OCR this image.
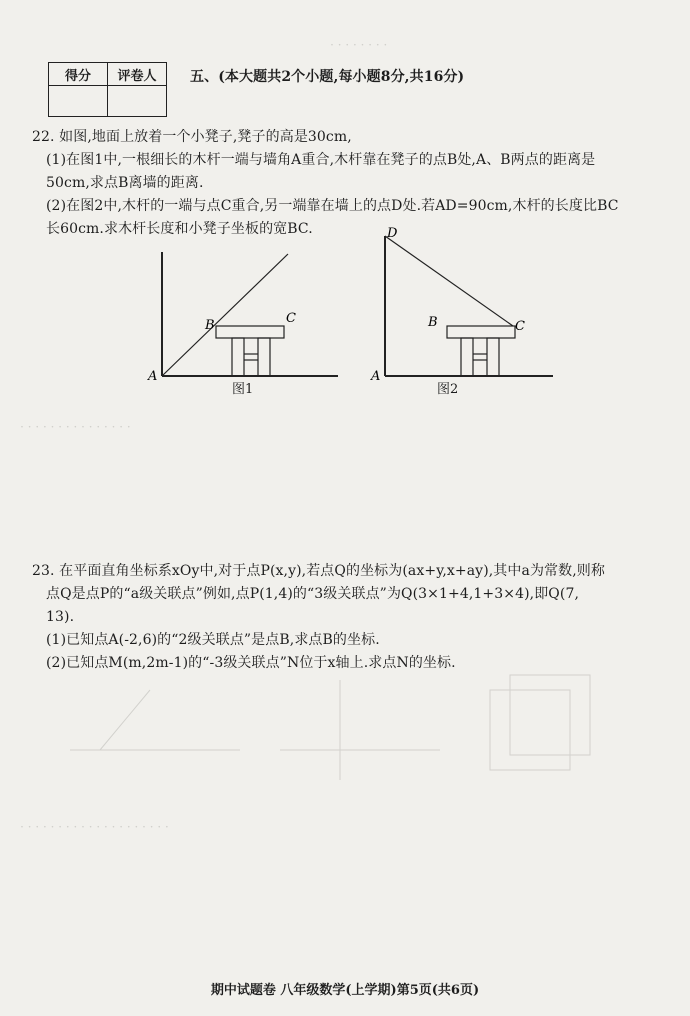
· · · · · · · ·
· · · · · · · · · · · · · · ·
· · · · · · · · · · · · · · · · · · · ·
得分	评卷人
	五、(本大题共2个小题,每小题8分,共16分)
22. 如图,地面上放着一个小凳子,凳子的高是30cm,
(1)在图1中,一根细长的木杆一端与墙角A重合,木杆靠在凳子的点B处,A、B两点的距离是
50cm,求点B离墙的距离.
(2)在图2中,木杆的一端与点C重合,另一端靠在墙上的点D处.若AD=90cm,木杆的长度比BC
长60cm.求木杆长度和小凳子坐板的宽BC.
A
B	C
图1
D
A
B	C
图2
23. 在平面直角坐标系xOy中,对于点P(x,y),若点Q的坐标为(ax+y,x+ay),其中a为常数,则称
点Q是点P的“a级关联点”例如,点P(1,4)的“3级关联点”为Q(3×1+4,1+3×4),即Q(7,
13).
(1)已知点A(-2,6)的“2级关联点”是点B,求点B的坐标.
(2)已知点M(m,2m-1)的“-3级关联点”N位于x轴上.求点N的坐标.
期中试题卷 八年级数学(上学期)第5页(共6页)
